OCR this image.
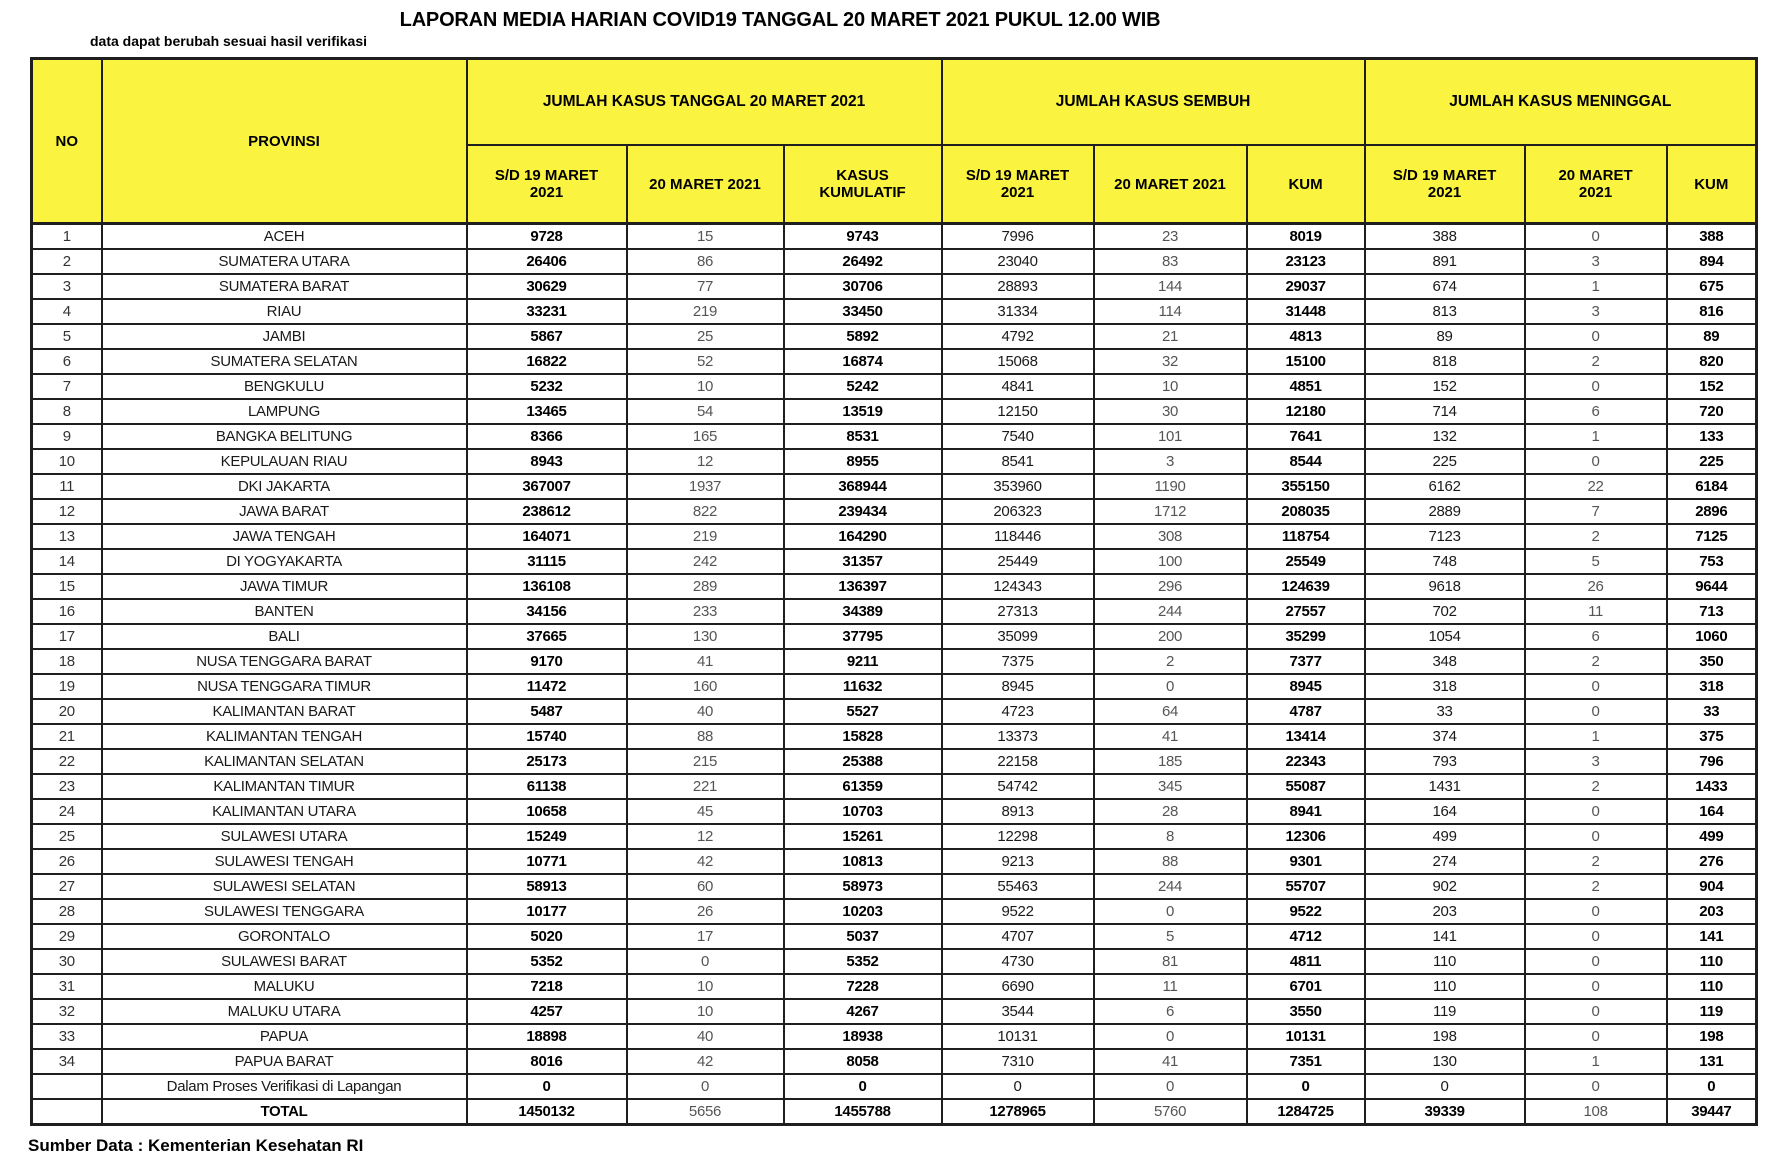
LAPORAN MEDIA HARIAN COVID19 TANGGAL 20 MARET 2021 PUKUL 12.00 WIB
data dapat berubah sesuai hasil verifikasi
NO	PROVINSI	JUMLAH KASUS TANGGAL 20 MARET 2021			JUMLAH KASUS SEMBUH			JUMLAH KASUS MENINGGAL		
		S/D 19 MARET 2021	20 MARET 2021	KASUS KUMULATIF	S/D 19 MARET 2021	20 MARET 2021	KUM	S/D 19 MARET 2021	20 MARET 2021	KUM
1	ACEH	9728	15	9743	7996	23	8019	388	0	388
2	SUMATERA UTARA	26406	86	26492	23040	83	23123	891	3	894
3	SUMATERA BARAT	30629	77	30706	28893	144	29037	674	1	675
4	RIAU	33231	219	33450	31334	114	31448	813	3	816
5	JAMBI	5867	25	5892	4792	21	4813	89	0	89
6	SUMATERA SELATAN	16822	52	16874	15068	32	15100	818	2	820
7	BENGKULU	5232	10	5242	4841	10	4851	152	0	152
8	LAMPUNG	13465	54	13519	12150	30	12180	714	6	720
9	BANGKA BELITUNG	8366	165	8531	7540	101	7641	132	1	133
10	KEPULAUAN RIAU	8943	12	8955	8541	3	8544	225	0	225
11	DKI JAKARTA	367007	1937	368944	353960	1190	355150	6162	22	6184
12	JAWA BARAT	238612	822	239434	206323	1712	208035	2889	7	2896
13	JAWA TENGAH	164071	219	164290	118446	308	118754	7123	2	7125
14	DI YOGYAKARTA	31115	242	31357	25449	100	25549	748	5	753
15	JAWA TIMUR	136108	289	136397	124343	296	124639	9618	26	9644
16	BANTEN	34156	233	34389	27313	244	27557	702	11	713
17	BALI	37665	130	37795	35099	200	35299	1054	6	1060
18	NUSA TENGGARA BARAT	9170	41	9211	7375	2	7377	348	2	350
19	NUSA TENGGARA TIMUR	11472	160	11632	8945	0	8945	318	0	318
20	KALIMANTAN BARAT	5487	40	5527	4723	64	4787	33	0	33
21	KALIMANTAN TENGAH	15740	88	15828	13373	41	13414	374	1	375
22	KALIMANTAN SELATAN	25173	215	25388	22158	185	22343	793	3	796
23	KALIMANTAN TIMUR	61138	221	61359	54742	345	55087	1431	2	1433
24	KALIMANTAN UTARA	10658	45	10703	8913	28	8941	164	0	164
25	SULAWESI UTARA	15249	12	15261	12298	8	12306	499	0	499
26	SULAWESI TENGAH	10771	42	10813	9213	88	9301	274	2	276
27	SULAWESI SELATAN	58913	60	58973	55463	244	55707	902	2	904
28	SULAWESI TENGGARA	10177	26	10203	9522	0	9522	203	0	203
29	GORONTALO	5020	17	5037	4707	5	4712	141	0	141
30	SULAWESI BARAT	5352	0	5352	4730	81	4811	110	0	110
31	MALUKU	7218	10	7228	6690	11	6701	110	0	110
32	MALUKU UTARA	4257	10	4267	3544	6	3550	119	0	119
33	PAPUA	18898	40	18938	10131	0	10131	198	0	198
34	PAPUA BARAT	8016	42	8058	7310	41	7351	130	1	131
	Dalam Proses Verifikasi di Lapangan	0	0	0	0	0	0	0	0	0
	TOTAL	1450132	5656	1455788	1278965	5760	1284725	39339	108	39447
Sumber Data : Kementerian Kesehatan RI
